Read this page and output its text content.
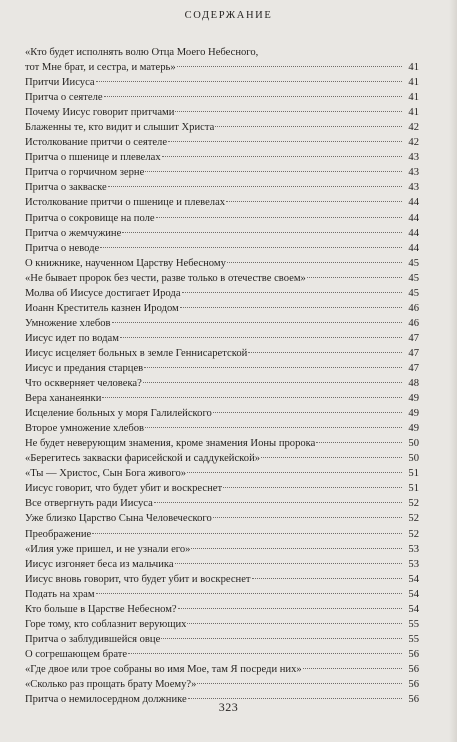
СОДЕРЖАНИЕ
«Кто будет исполнять волю Отца Моего Небесного,
тот Мне брат, и сестра, и матерь»	41
Притчи Иисуса	41
Притча о сеятеле	41
Почему Иисус говорит притчами	41
Блаженны те, кто видит и слышит Христа	42
Истолкование притчи о сеятеле	42
Притча о пшенице и плевелах	43
Притча о горчичном зерне	43
Притча о закваске	43
Истолкование притчи о пшенице и плевелах	44
Притча о сокровище на поле	44
Притча о жемчужине	44
Притча о неводе	44
О книжнике, наученном Царству Небесному	45
«Не бывает пророк без чести, разве только в отечестве своем»	45
Молва об Иисусе достигает Ирода	45
Иоанн Креститель казнен Иродом	46
Умножение хлебов	46
Иисус идет по водам	47
Иисус исцеляет больных в земле Геннисаретской	47
Иисус и предания старцев	47
Что оскверняет человека?	48
Вера хананеянки	49
Исцеление больных у моря Галилейского	49
Второе умножение хлебов	49
Не будет неверующим знамения, кроме знамения Ионы пророка	50
«Берегитесь закваски фарисейской и саддукейской»	50
«Ты — Христос, Сын Бога живого»	51
Иисус говорит, что будет убит и воскреснет	51
Все отвергнуть ради Иисуса	52
Уже близко Царство Сына Человеческого	52
Преображение	52
«Илия уже пришел, и не узнали его»	53
Иисус изгоняет беса из мальчика	53
Иисус вновь говорит, что будет убит и воскреснет	54
Подать на храм	54
Кто больше в Царстве Небесном?	54
Горе тому, кто соблазнит верующих	55
Притча о заблудившейся овце	55
О согрешающем брате	56
«Где двое или трое собраны во имя Мое, там Я посреди них»	56
«Сколько раз прощать брату Моему?»	56
Притча о немилосердном должнике	56
323
